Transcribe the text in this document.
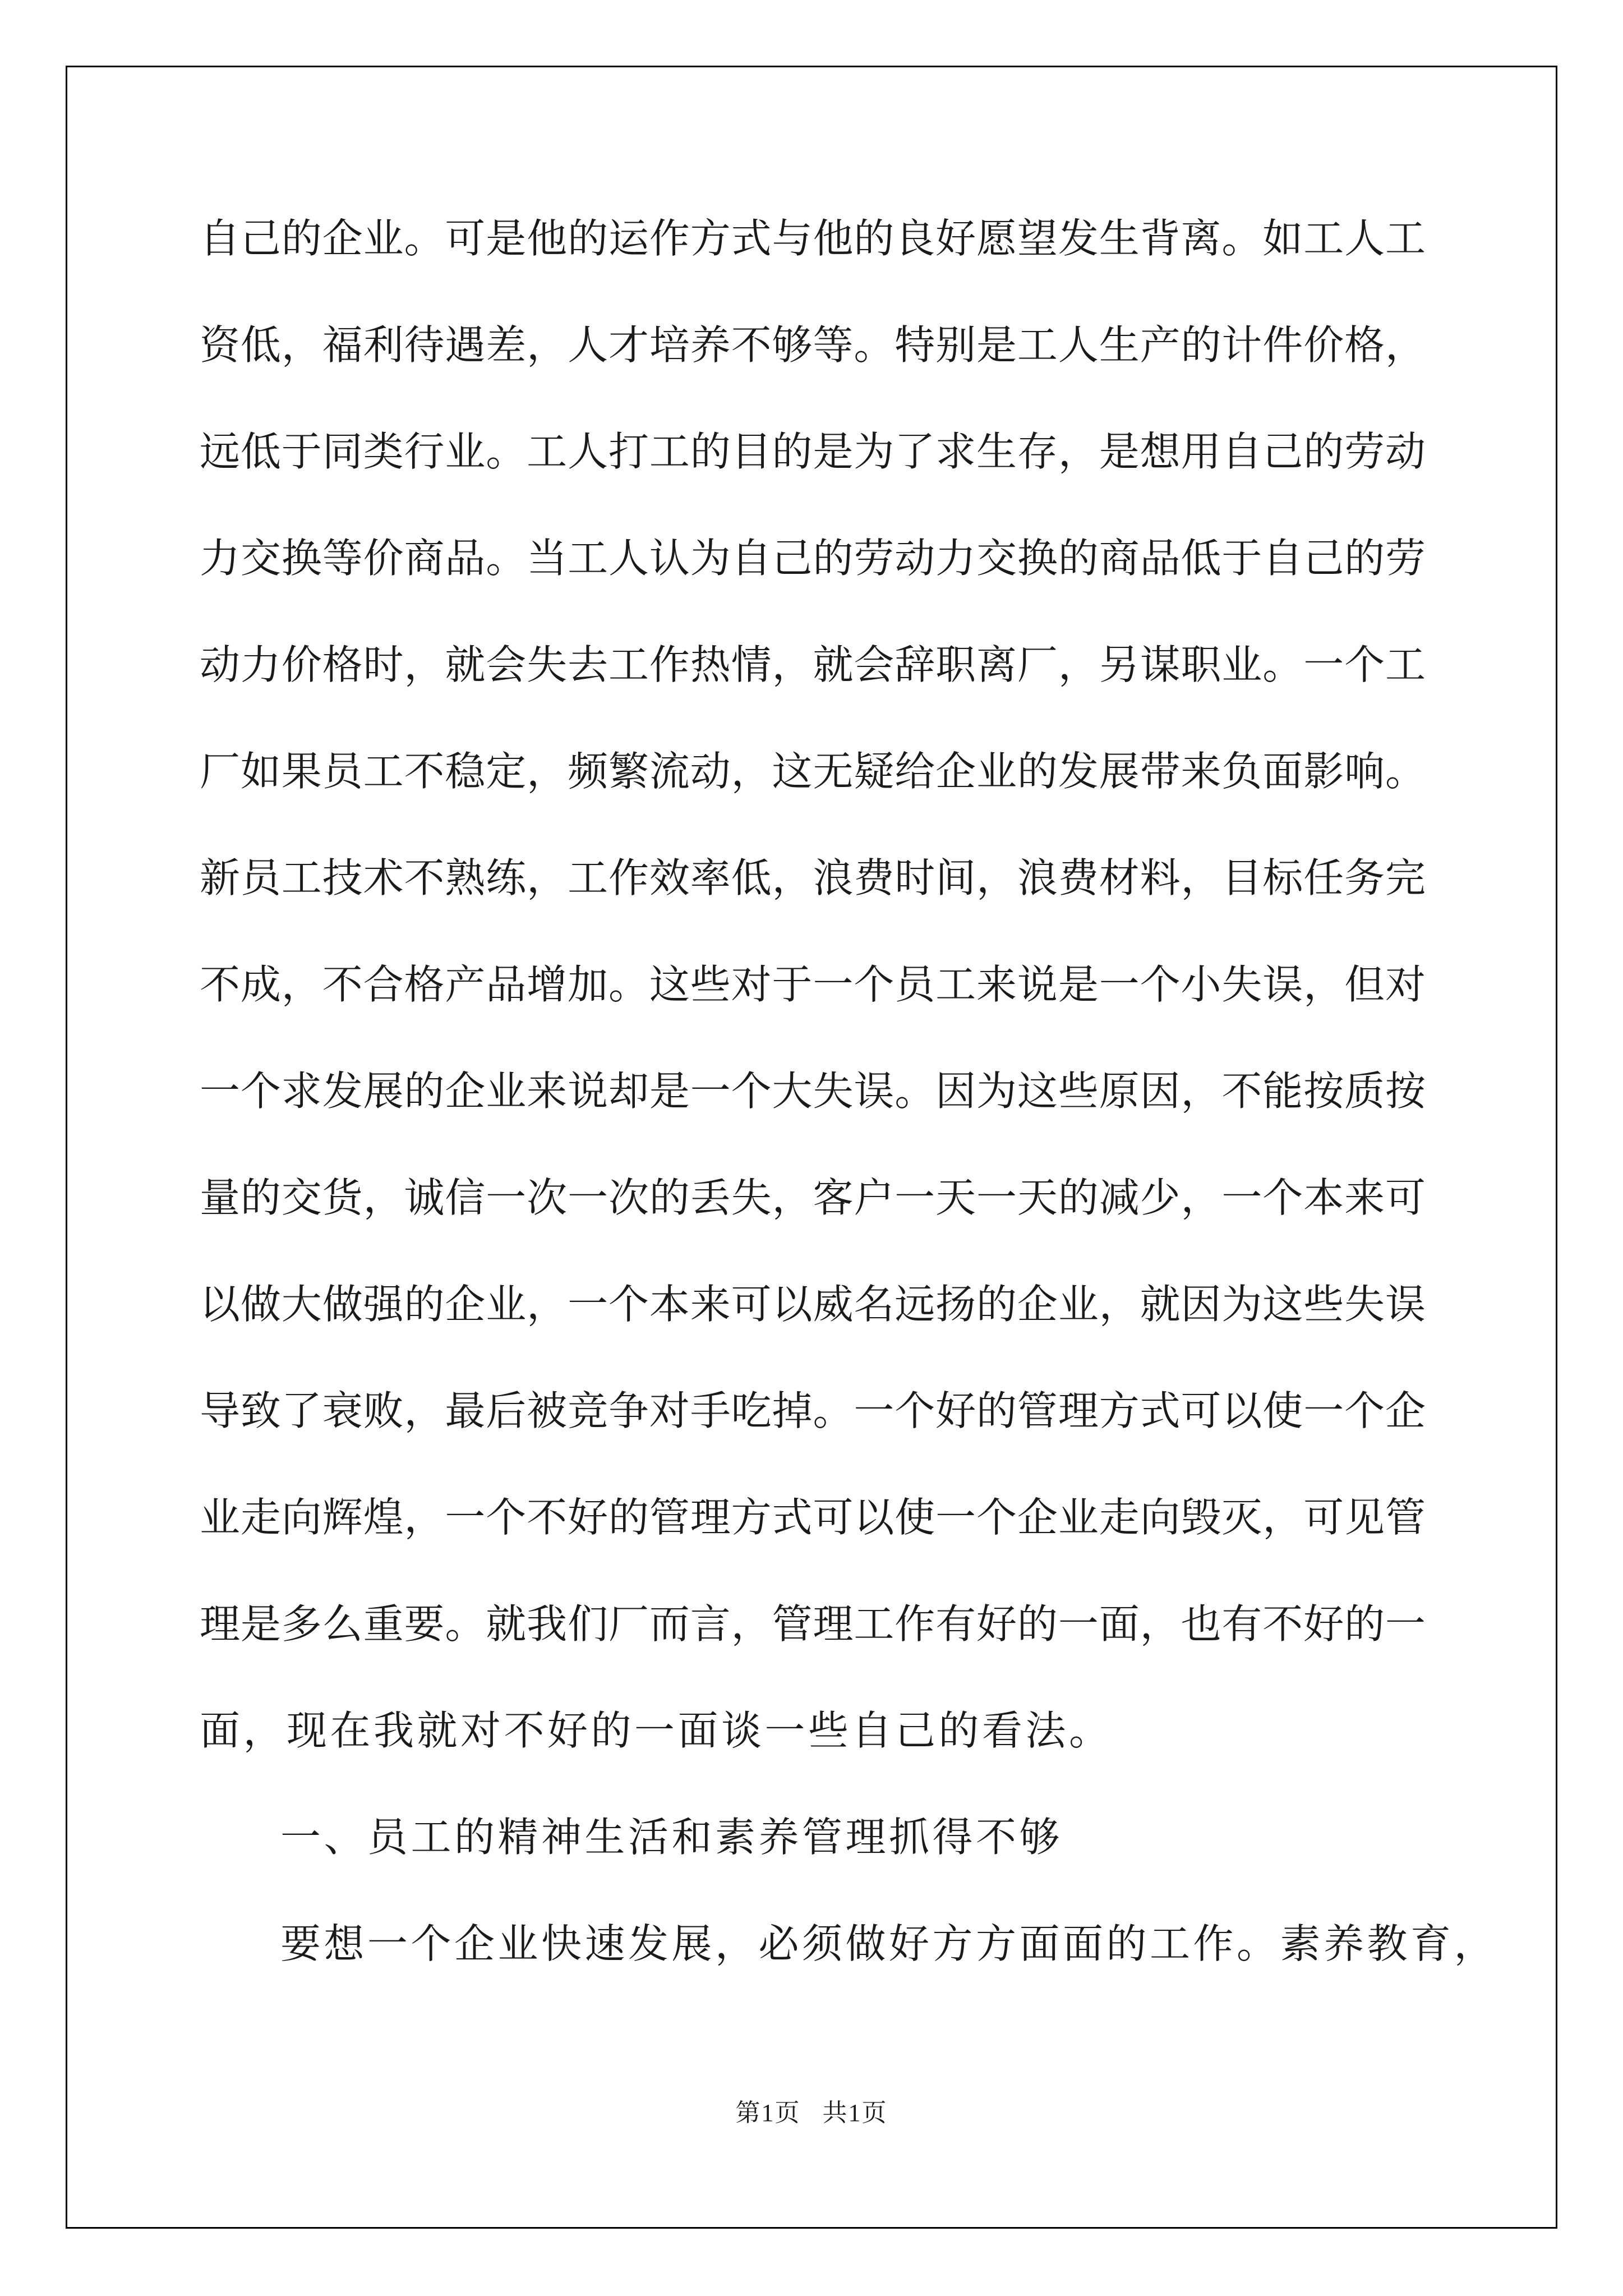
自己的企业。可是他的运作方式与他的良好愿望发生背离。如工人工
资低，福利待遇差，人才培养不够等。特别是工人生产的计件价格，
远低于同类行业。工人打工的目的是为了求生存，是想用自己的劳动
力交换等价商品。当工人认为自己的劳动力交换的商品低于自己的劳
动力价格时，就会失去工作热情，就会辞职离厂，另谋职业。一个工
厂如果员工不稳定，频繁流动，这无疑给企业的发展带来负面影响。
新员工技术不熟练，工作效率低，浪费时间，浪费材料，目标任务完
不成，不合格产品增加。这些对于一个员工来说是一个小失误，但对
一个求发展的企业来说却是一个大失误。因为这些原因，不能按质按
量的交货，诚信一次一次的丢失，客户一天一天的减少，一个本来可
以做大做强的企业，一个本来可以威名远扬的企业，就因为这些失误
导致了衰败，最后被竞争对手吃掉。一个好的管理方式可以使一个企
业走向辉煌，一个不好的管理方式可以使一个企业走向毁灭，可见管
理是多么重要。就我们厂而言，管理工作有好的一面，也有不好的一
面，现在我就对不好的一面谈一些自己的看法。
一、员工的精神生活和素养管理抓得不够
要想一个企业快速发展，必须做好方方面面的工作。素养教育，
第1页 共1页
